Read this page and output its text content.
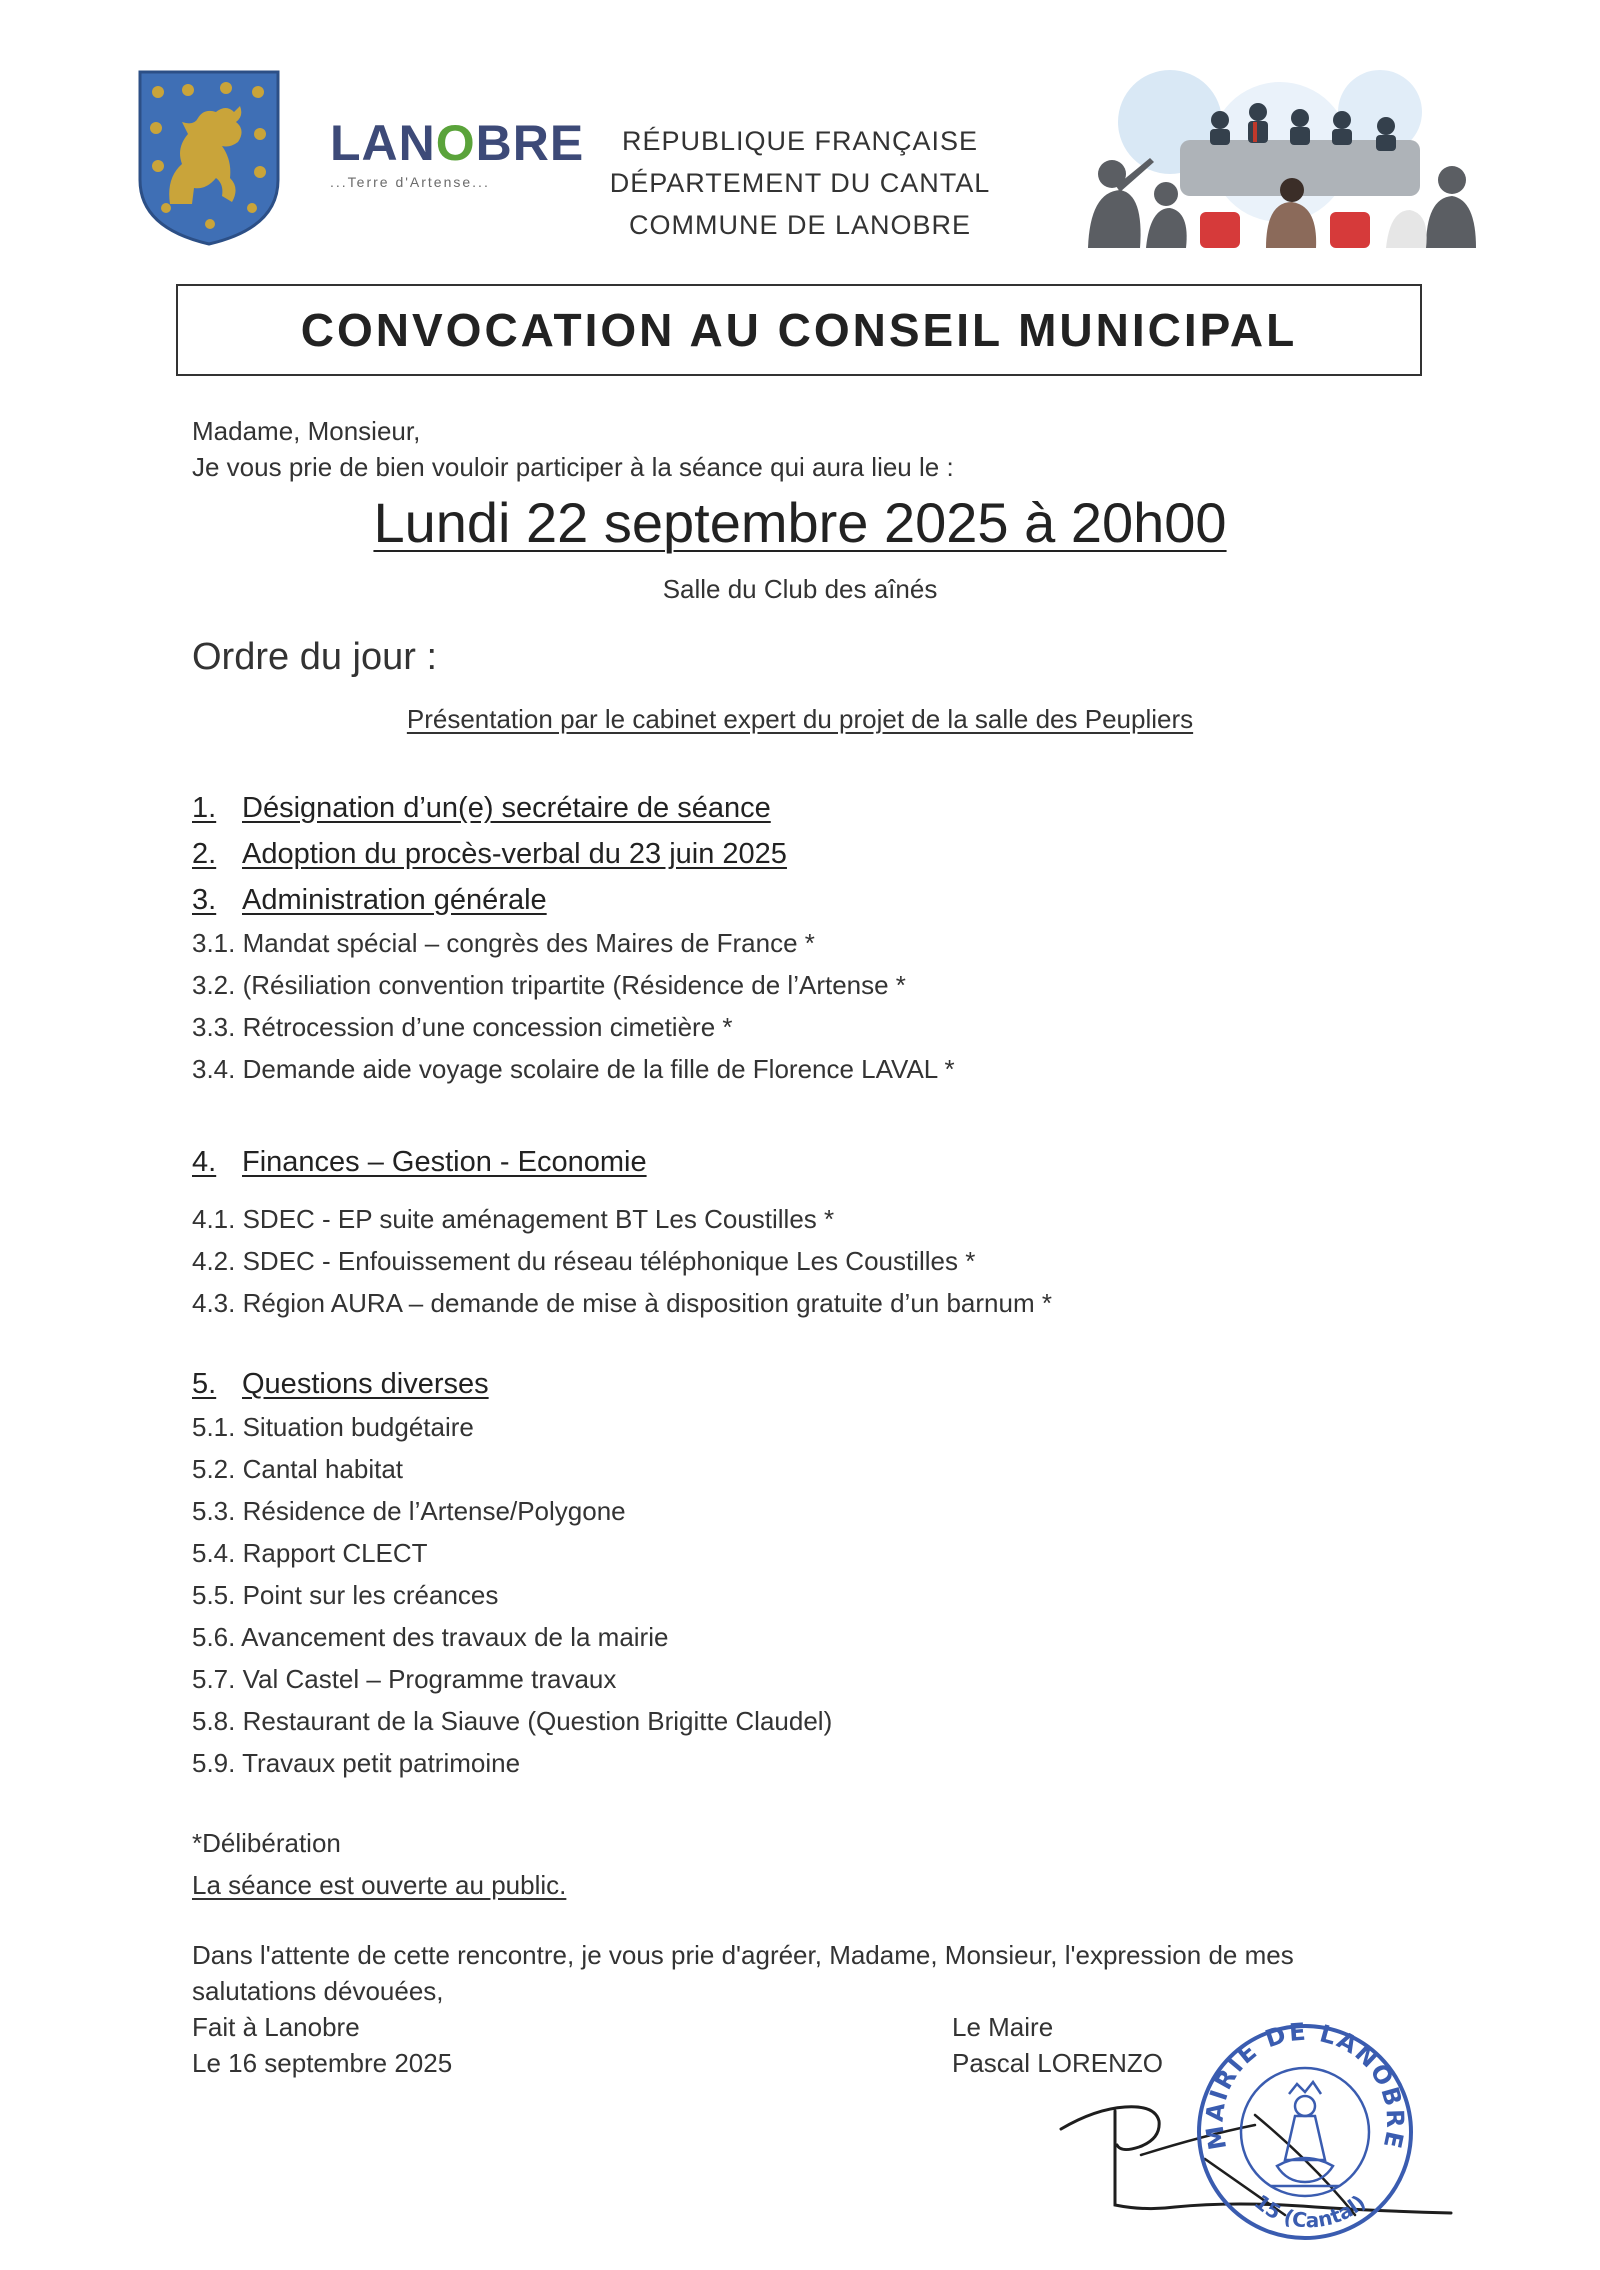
LANOBRE
...Terre d'Artense...
RÉPUBLIQUE FRANÇAISE
DÉPARTEMENT DU CANTAL
COMMUNE DE LANOBRE
CONVOCATION AU CONSEIL MUNICIPAL
Madame, Monsieur,
Je vous prie de bien vouloir participer à la séance qui aura lieu le :
Lundi 22 septembre 2025 à 20h00
Salle du Club des aînés
Ordre du jour :
Présentation par le cabinet expert du projet de la salle des Peupliers
1. Désignation d’un(e) secrétaire de séance
2. Adoption du procès-verbal du 23 juin 2025
3. Administration générale
3.1. Mandat spécial – congrès des Maires de France *
3.2. (Résiliation convention tripartite (Résidence de l’Artense *
3.3. Rétrocession d’une concession cimetière *
3.4. Demande aide voyage scolaire de la fille de Florence LAVAL *
4. Finances – Gestion - Economie
4.1. SDEC - EP suite aménagement BT Les Coustilles *
4.2. SDEC - Enfouissement du réseau téléphonique Les Coustilles *
4.3. Région AURA – demande de mise à disposition gratuite d’un barnum *
5. Questions diverses
5.1. Situation budgétaire
5.2. Cantal habitat
5.3. Résidence de l’Artense/Polygone
5.4. Rapport CLECT
5.5. Point sur les créances
5.6. Avancement des travaux de la mairie
5.7. Val Castel – Programme travaux
5.8. Restaurant de la Siauve (Question Brigitte Claudel)
5.9. Travaux petit patrimoine
*Délibération
La séance est ouverte au public.
Dans l'attente de cette rencontre, je vous prie d'agréer, Madame, Monsieur, l'expression de mes
salutations dévouées,
Fait à Lanobre
Le 16 septembre 2025
Le Maire
Pascal LORENZO
MAIRIE DE LANOBRE
15 (Cantal)
